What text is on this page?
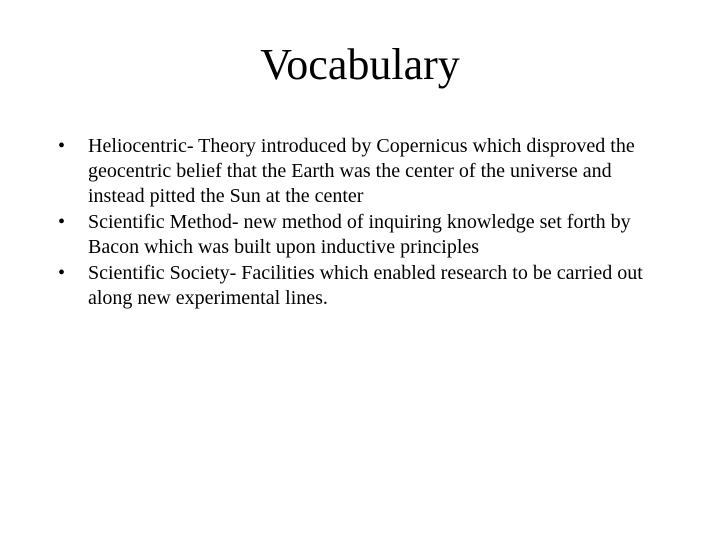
Vocabulary
•	Heliocentric- Theory introduced by Copernicus which disproved the geocentric belief that the Earth was the center of the universe and instead pitted the Sun at the center
•	Scientific Method- new method of inquiring knowledge set forth by Bacon which was built upon inductive principles
•	Scientific Society- Facilities which enabled research to be carried out along new experimental lines.
